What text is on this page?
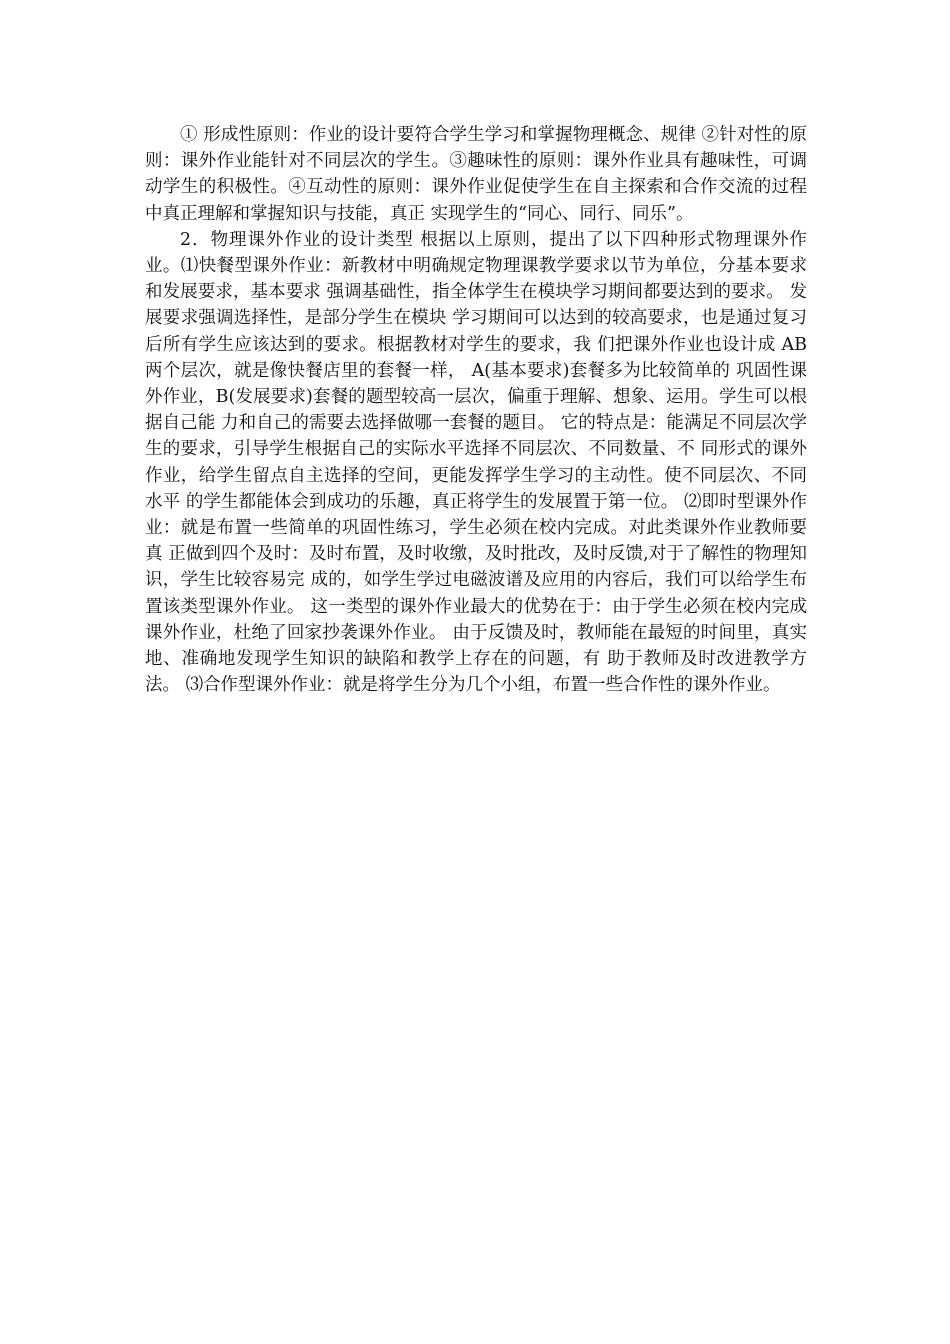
① 形成性原则：作业的设计要符合学生学习和掌握物理概念、规律 ②针对性的原则：课外作业能针对不同层次的学生。③趣味性的原则：课外作业具有趣味性，可调动学生的积极性。④互动性的原则：课外作业促使学生在自主探索和合作交流的过程中真正理解和掌握知识与技能，真正 实现学生的“同心、同行、同乐”。

2．物理课外作业的设计类型 根据以上原则，提出了以下四种形式物理课外作业。⑴快餐型课外作业：新教材中明确规定物理课教学要求以节为单位，分基本要求和发展要求，基本要求 强调基础性，指全体学生在模块学习期间都要达到的要求。 发展要求强调选择性，是部分学生在模块 学习期间可以达到的较高要求，也是通过复习后所有学生应该达到的要求。根据教材对学生的要求，我 们把课外作业也设计成 AB 两个层次，就是像快餐店里的套餐一样， A(基本要求)套餐多为比较简单的 巩固性课外作业，B(发展要求)套餐的题型较高一层次，偏重于理解、想象、运用。学生可以根据自己能 力和自己的需要去选择做哪一套餐的题目。 它的特点是：能满足不同层次学生的要求，引导学生根据自己的实际水平选择不同层次、不同数量、不 同形式的课外作业，给学生留点自主选择的空间，更能发挥学生学习的主动性。使不同层次、不同水平 的学生都能体会到成功的乐趣，真正将学生的发展置于第一位。 ⑵即时型课外作业：就是布置一些简单的巩固性练习，学生必须在校内完成。对此类课外作业教师要真 正做到四个及时：及时布置，及时收缴，及时批改，及时反馈,对于了解性的物理知识，学生比较容易完 成的，如学生学过电磁波谱及应用的内容后，我们可以给学生布置该类型课外作业。 这一类型的课外作业最大的优势在于：由于学生必须在校内完成课外作业，杜绝了回家抄袭课外作业。 由于反馈及时，教师能在最短的时间里，真实地、准确地发现学生知识的缺陷和教学上存在的问题，有 助于教师及时改进教学方法。 ⑶合作型课外作业：就是将学生分为几个小组，布置一些合作性的课外作业。
